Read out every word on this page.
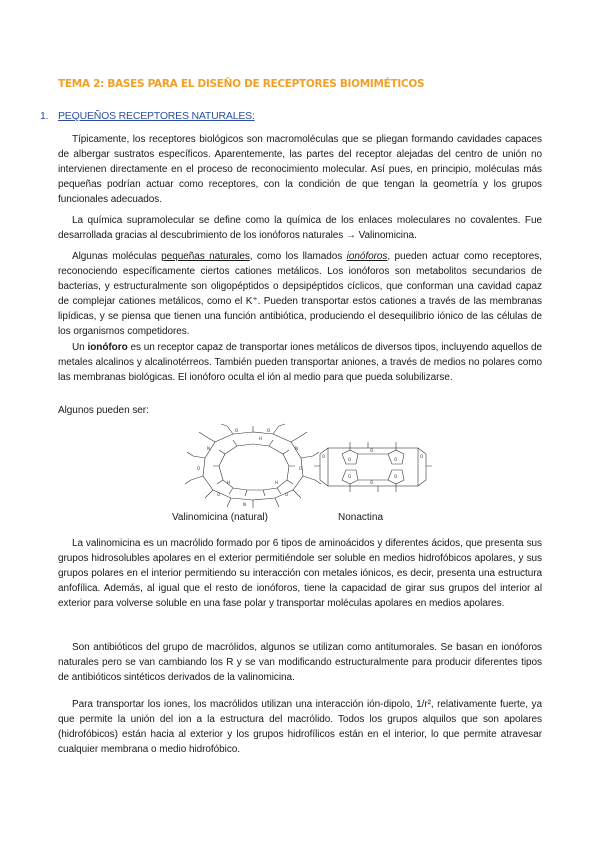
TEMA 2: BASES PARA EL DISEÑO DE RECEPTORES BIOMIMÉTICOS
1. PEQUEÑOS RECEPTORES NATURALES:

Típicamente, los receptores biológicos son macromoléculas que se pliegan formando cavidades capaces de albergar sustratos específicos. Aparentemente, las partes del receptor alejadas del centro de unión no intervienen directamente en el proceso de reconocimiento molecular. Así pues, en principio, moléculas más pequeñas podrían actuar como receptores, con la condición de que tengan la geometría y los grupos funcionales adecuados.

La química supramolecular se define como la química de los enlaces moleculares no covalentes. Fue desarrollada gracias al descubrimiento de los ionóforos naturales → Valinomicina.

Algunas moléculas pequeñas naturales, como los llamados ionóforos, pueden actuar como receptores, reconociendo específicamente ciertos cationes metálicos. Los ionóforos son metabolitos secundarios de bacterias, y estructuralmente son oligopéptidos o depsipéptidos cíclicos, que conforman una cavidad capaz de complejar cationes metálicos, como el K⁺. Pueden transportar estos cationes a través de las membranas lipídicas, y se piensa que tienen una función antibiótica, produciendo el desequilibrio iónico de las células de los organismos competidores.

Un ionóforo es un receptor capaz de transportar iones metálicos de diversos tipos, incluyendo aquellos de metales alcalinos y alcalinotérreos. También pueden transportar aniones, a través de medios no polares como las membranas biológicas. El ionóforo oculta el ión al medio para que pueda solubilizarse.

Algunos pueden ser:

O	O
N
O
O
N
O
O
N
H
H
H
O	O
O	O
O
O
O	O
Valinomicina (natural)	Nonactina

La valinomicina es un macrólido formado por 6 tipos de aminoácidos y diferentes ácidos, que presenta sus grupos hidrosolubles apolares en el exterior permitiéndole ser soluble en medios hidrofóbicos apolares, y sus grupos polares en el interior permitiendo su interacción con metales iónicos, es decir, presenta una estructura anfofílica. Además, al igual que el resto de ionóforos, tiene la capacidad de girar sus grupos del interior al exterior para volverse soluble en una fase polar y transportar moléculas apolares en medios apolares.

Son antibióticos del grupo de macrólidos, algunos se utilizan como antitumorales. Se basan en ionóforos naturales pero se van cambiando los R y se van modificando estructuralmente para producir diferentes tipos de antibióticos sintéticos derivados de la valinomicina.

Para transportar los iones, los macrólidos utilizan una interacción ión-dipolo, 1/r², relativamente fuerte, ya que permite la unión del ion a la estructura del macrólido. Todos los grupos alquilos que son apolares (hidrofóbicos) están hacia al exterior y los grupos hidrofílicos están en el interior, lo que permite atravesar cualquier membrana o medio hidrofóbico.
